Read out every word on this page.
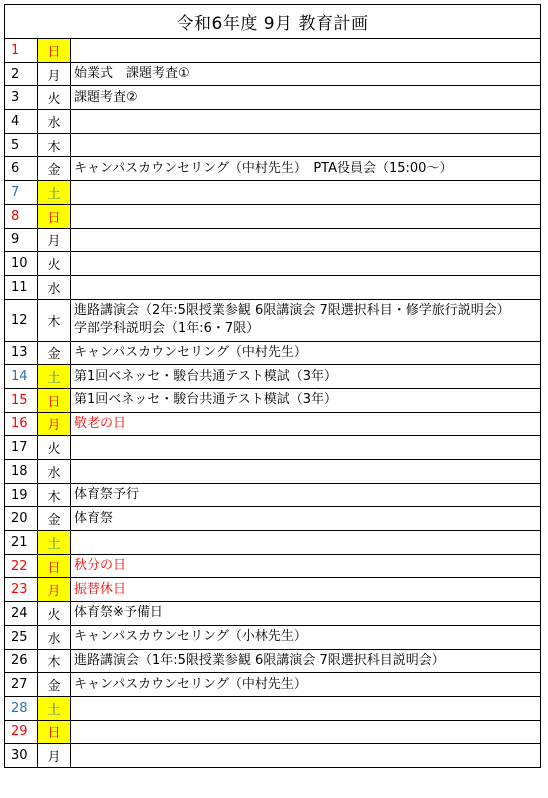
令和6年度 9月 教育計画		
1	日	
2	月	始業式　課題考査①

3	火	課題考査②

4	水	
5	木	
6	金	キャンパスカウンセリング（中村先生）　PTA役員会（15:00～）

7	土	
8	日	
9	月	
10	火	
11	水	
12	木	進路講演会（2年:5限授業参観 6限講演会 7限選択科目・修学旅行説明会）
学部学科説明会（1年:6・7限）

13	金	キャンパスカウンセリング（中村先生）

14	土	第1回ベネッセ・駿台共通テスト模試（3年）

15	日	第1回ベネッセ・駿台共通テスト模試（3年）

16	月	敬老の日

17	火	
18	水	
19	木	体育祭予行

20	金	体育祭

21	土	
22	日	秋分の日

23	月	振替休日

24	火	体育祭※予備日

25	水	キャンパスカウンセリング（小林先生）

26	木	進路講演会（1年:5限授業参観 6限講演会 7限選択科目説明会）

27	金	キャンパスカウンセリング（中村先生）

28	土	
29	日	
30	月	
